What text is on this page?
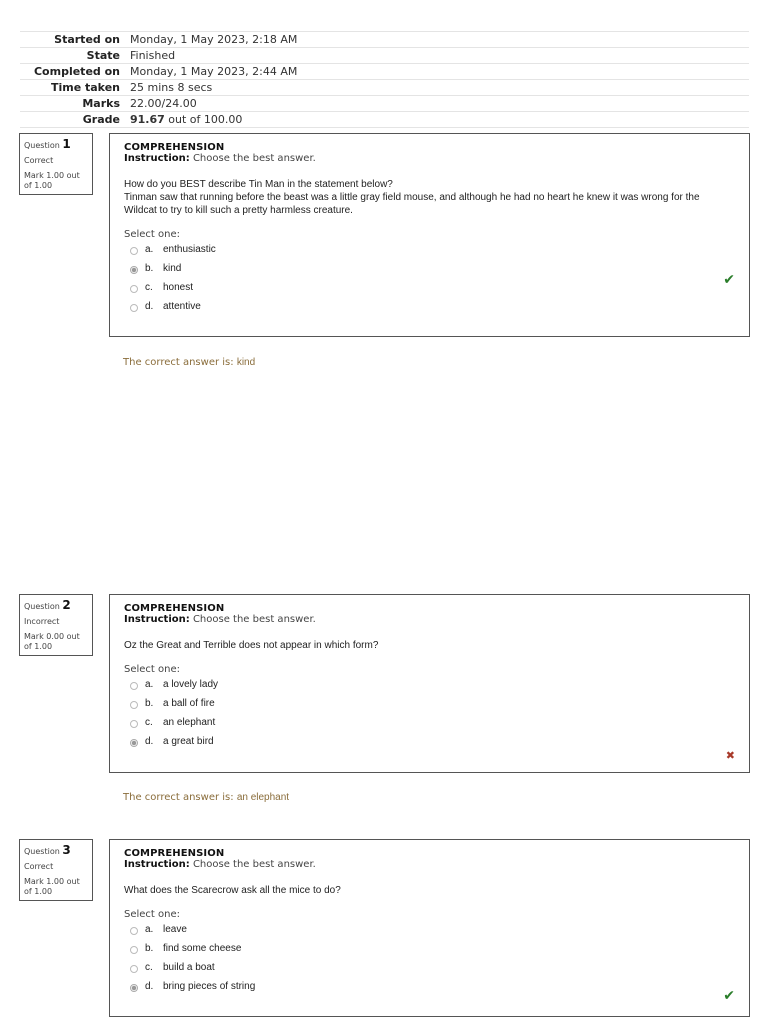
Started on Monday, 1 May 2023, 2:18 AM
State Finished
Completed on Monday, 1 May 2023, 2:44 AM
Time taken 25 mins 8 secs
Marks 22.00/24.00
Grade 91.67 out of 100.00
Question 1
Correct
Mark 1.00 out of 1.00
COMPREHENSION
Instruction: Choose the best answer.
How do you BEST describe Tin Man in the statement below?
Tinman saw that running before the beast was a little gray field mouse, and although he had no heart he knew it was wrong for the Wildcat to try to kill such a pretty harmless creature.
Select one:
a. enthusiastic
b. kind
c.	honest
d. attentive
✔
The correct answer is: kind
Question 2
Incorrect
Mark 0.00 out of 1.00
COMPREHENSION
Instruction: Choose the best answer.
Oz the Great and Terrible does not appear in which form?
Select one:
a. a lovely lady
b. a ball of fire
c.	an elephant
d. a great bird
✖
The correct answer is: an elephant
Question 3
Correct
Mark 1.00 out of 1.00
COMPREHENSION
Instruction: Choose the best answer.
What does the Scarecrow ask all the mice to do?
Select one:
a. leave
b. find some cheese
c.	build a boat
d. bring pieces of string
✔
